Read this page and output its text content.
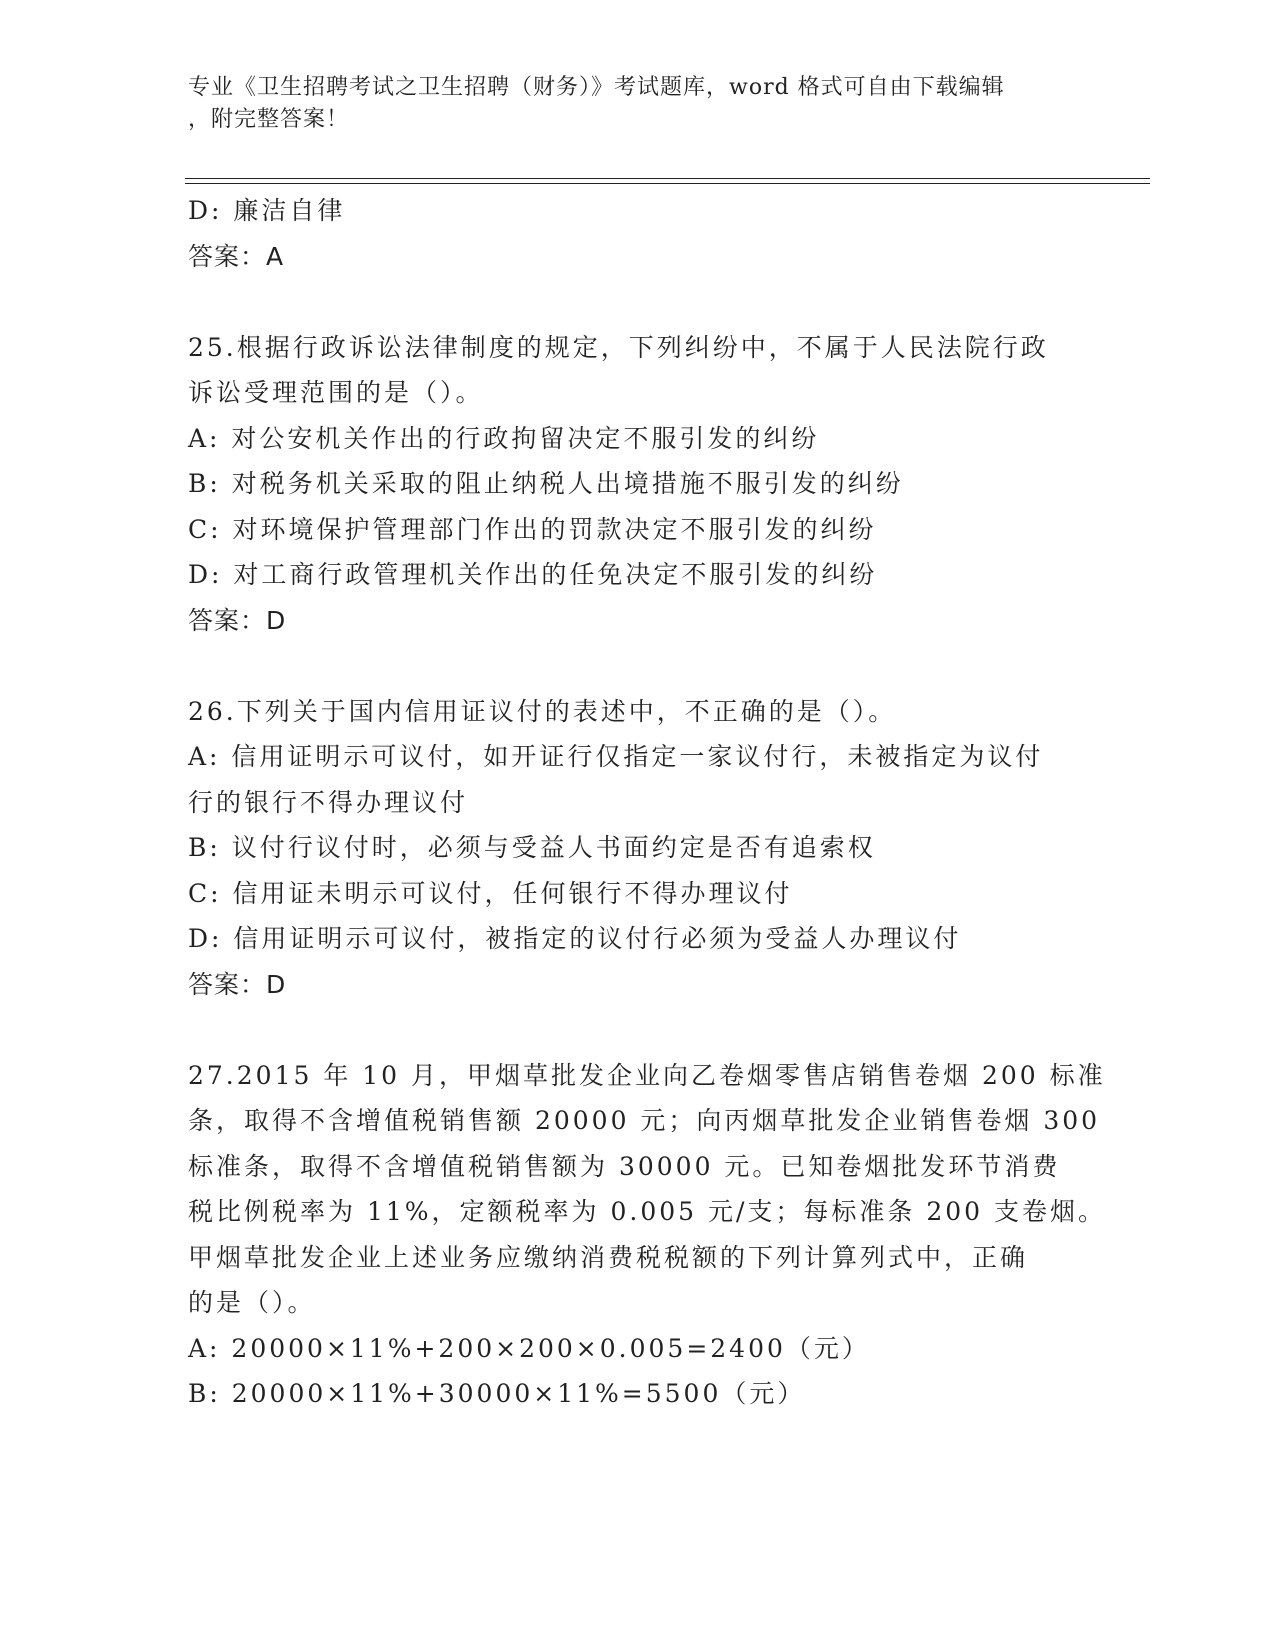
专业《卫生招聘考试之卫生招聘（财务）》考试题库，word 格式可自由下载编辑
，附完整答案！
D: 廉洁自律
答案：A
25.根据行政诉讼法律制度的规定，下列纠纷中，不属于人民法院行政
诉讼受理范围的是（）。
A: 对公安机关作出的行政拘留决定不服引发的纠纷
B: 对税务机关采取的阻止纳税人出境措施不服引发的纠纷
C: 对环境保护管理部门作出的罚款决定不服引发的纠纷
D: 对工商行政管理机关作出的任免决定不服引发的纠纷
答案：D
26.下列关于国内信用证议付的表述中，不正确的是（）。
A: 信用证明示可议付，如开证行仅指定一家议付行，未被指定为议付
行的银行不得办理议付
B: 议付行议付时，必须与受益人书面约定是否有追索权
C: 信用证未明示可议付，任何银行不得办理议付
D: 信用证明示可议付，被指定的议付行必须为受益人办理议付
答案：D
27.2015 年 10 月，甲烟草批发企业向乙卷烟零售店销售卷烟 200 标准
条，取得不含增值税销售额 20000 元；向丙烟草批发企业销售卷烟 300
标准条，取得不含增值税销售额为 30000 元。已知卷烟批发环节消费
税比例税率为 11%，定额税率为 0.005 元/支；每标准条 200 支卷烟。
甲烟草批发企业上述业务应缴纳消费税税额的下列计算列式中，正确
的是（）。
A: 20000×11%+200×200×0.005=2400（元）
B: 20000×11%+30000×11%=5500（元）
